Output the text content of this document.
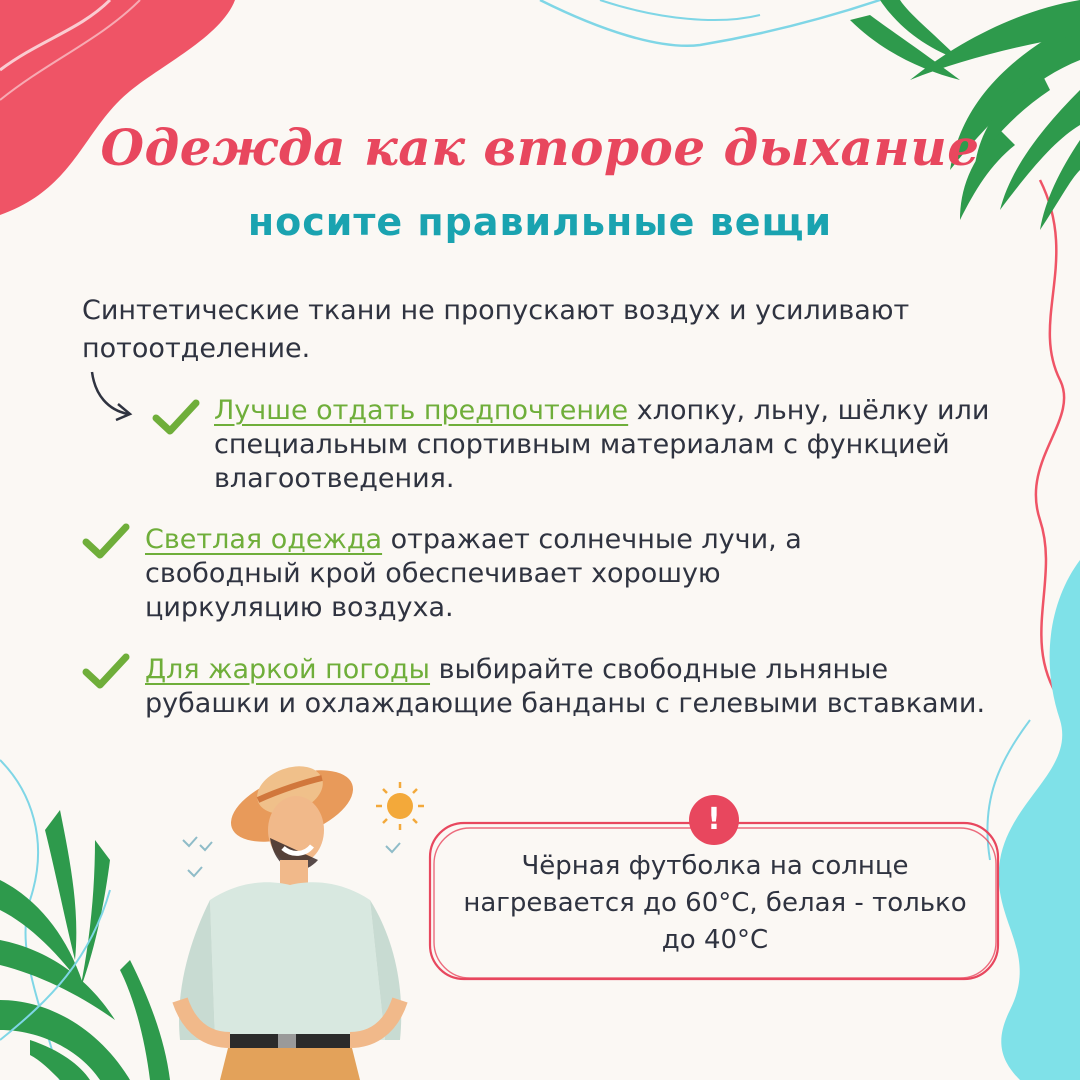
Одежда как второе дыхание
носите правильные вещи
Синтетические ткани не пропускают воздух и усиливают потоотделение.
Лучше отдать предпочтение хлопку, льну, шёлку или специальным спортивным материалам с функцией влагоотведения.
Светлая одежда отражает солнечные лучи, а свободный крой обеспечивает хорошую циркуляцию воздуха.
Для жаркой погоды выбирайте свободные льняные рубашки и охлаждающие банданы с гелевыми вставками.
!
Чёрная футболка на солнце нагревается до 60°С, белая - только до 40°С
